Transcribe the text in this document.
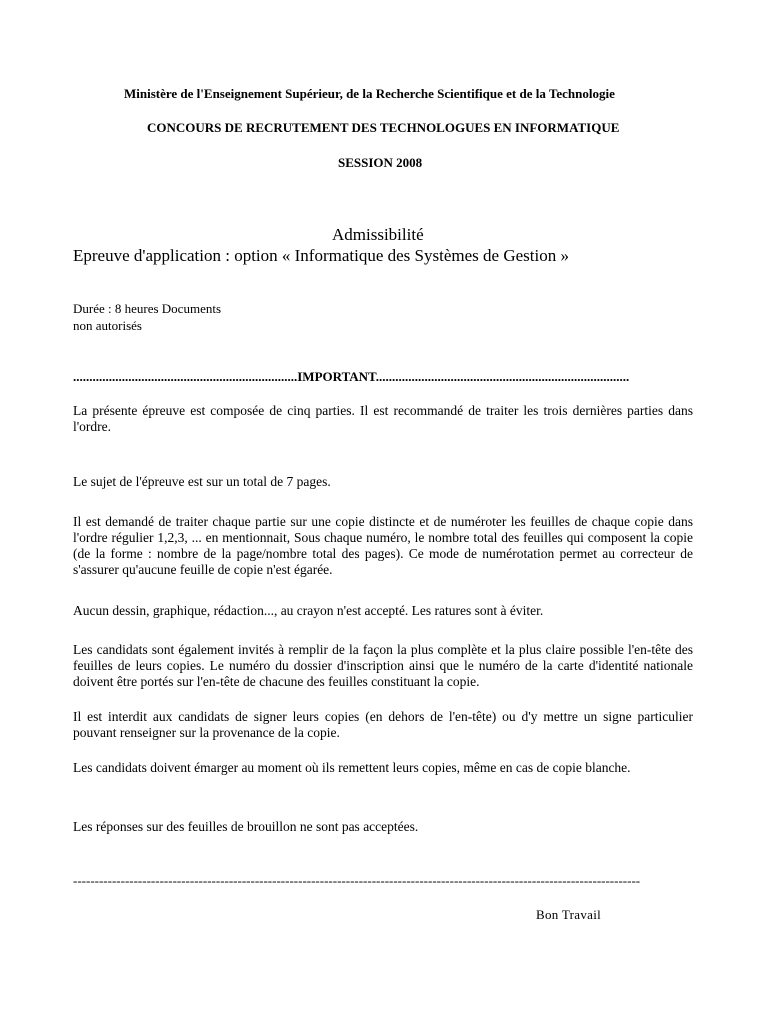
Ministère de l'Enseignement Supérieur, de la Recherche Scientifique et de la Technologie
CONCOURS DE RECRUTEMENT DES TECHNOLOGUES EN INFORMATIQUE
SESSION 2008
Admissibilité
Epreuve d'application : option « Informatique des Systèmes de Gestion »
Durée : 8 heures Documents
non autorisés
.....................................................................IMPORTANT..............................................................................
La présente épreuve est composée de cinq parties. Il est recommandé de traiter les trois dernières parties dans l'ordre.
Le sujet de l'épreuve est sur un total de 7 pages.
Il est demandé de traiter chaque partie sur une copie distincte et de numéroter les feuilles de chaque copie dans l'ordre régulier 1,2,3, ... en mentionnait, Sous chaque numéro, le nombre total des feuilles qui composent la copie (de la forme : nombre de la page/nombre total des pages). Ce mode de numérotation permet au correcteur de s'assurer qu'aucune feuille de copie n'est égarée.
Aucun dessin, graphique, rédaction..., au crayon n'est accepté. Les ratures sont à éviter.
Les candidats sont également invités à remplir de la façon la plus complète et la plus claire possible l'en-tête des feuilles de leurs copies. Le numéro du dossier d'inscription ainsi que le numéro de la carte d'identité nationale doivent être portés sur l'en-tête de chacune des feuilles constituant la copie.
Il est interdit aux candidats de signer leurs copies (en dehors de l'en-tête) ou d'y mettre un signe particulier pouvant renseigner sur la provenance de la copie.
Les candidats doivent émarger au moment où ils remettent leurs copies, même en cas de copie blanche.
Les réponses sur des feuilles de brouillon ne sont pas acceptées.
-----------------------------------------------------------------------------------------------------------------------------------
Bon Travail
